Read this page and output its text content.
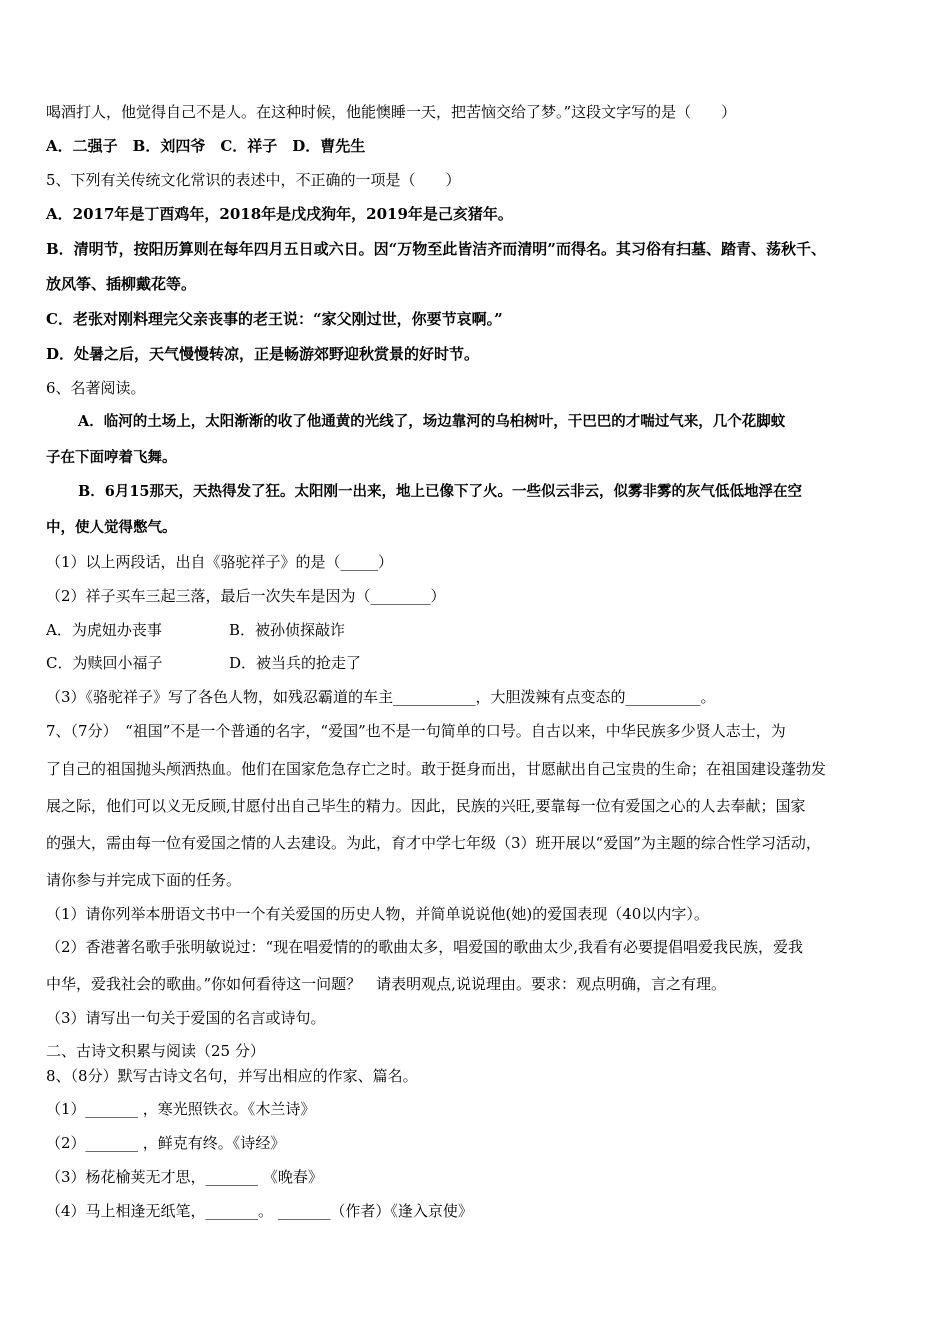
喝酒打人，他觉得自己不是人。在这种时候，他能懊睡一天，把苦恼交给了梦。”这段文字写的是（　　）
A．二强子　B．刘四爷　C．祥子　D．曹先生
5、下列有关传统文化常识的表述中，不正确的一项是（　　）
A．2017年是丁酉鸡年，2018年是戊戌狗年，2019年是己亥猪年。
B．清明节，按阳历算则在每年四月五日或六日。因“万物至此皆洁齐而清明”而得名。其习俗有扫墓、踏青、荡秋千、
放风筝、插柳戴花等。
C．老张对刚料理完父亲丧事的老王说：“家父刚过世，你要节哀啊。”
D．处暑之后，天气慢慢转凉，正是畅游郊野迎秋赏景的好时节。
6、名著阅读。
A．临河的土场上，太阳渐渐的收了他通黄的光线了，场边靠河的乌桕树叶，干巴巴的才喘过气来，几个花脚蚊
子在下面哼着飞舞。
B．6月15那天，天热得发了狂。太阳刚一出来，地上已像下了火。一些似云非云，似雾非雾的灰气低低地浮在空
中，使人觉得憋气。
（1）以上两段话，出自《骆驼祥子》的是（_____）
（2）祥子买车三起三落，最后一次失车是因为（________）
A．为虎妞办丧事	B．被孙侦探敲诈
C．为赎回小福子	D．被当兵的抢走了
（3）《骆驼祥子》写了各色人物，如残忍霸道的车主___________，大胆泼辣有点变态的__________。
7、（7分）　“祖国”不是一个普通的名字，“爱国”也不是一句简单的口号。自古以来，中华民族多少贤人志士，为
了自己的祖国抛头颅洒热血。他们在国家危急存亡之时。敢于挺身而出，甘愿献出自己宝贵的生命；在祖国建设蓬勃发
展之际，他们可以义无反顾,甘愿付出自己毕生的精力。因此，民族的兴旺,要靠每一位有爱国之心的人去奉献；国家
的强大，需由每一位有爱国之情的人去建设。为此，育才中学七年级（3）班开展以“爱国”为主题的综合性学习活动，
请你参与并完成下面的任务。
（1）请你列举本册语文书中一个有关爱国的历史人物，并简单说说他(她)的爱国表现（40以内字）。
（2）香港著名歌手张明敏说过：“现在唱爱情的的歌曲太多，唱爱国的歌曲太少,我看有必要提倡唱爱我民族，爱我
中华，爱我社会的歌曲。”你如何看待这一问题？　请表明观点,说说理由。要求：观点明确，言之有理。
（3）请写出一句关于爱国的名言或诗句。
二、古诗文积累与阅读（25 分）
8、（8分）默写古诗文名句，并写出相应的作家、篇名。
（1）_______ ，寒光照铁衣。《木兰诗》
（2）_______ ，鲜克有终。《诗经》
（3）杨花榆荚无才思，_______ 《晚春》
（4）马上相逢无纸笔，_______。 _______（作者）《逢入京使》
